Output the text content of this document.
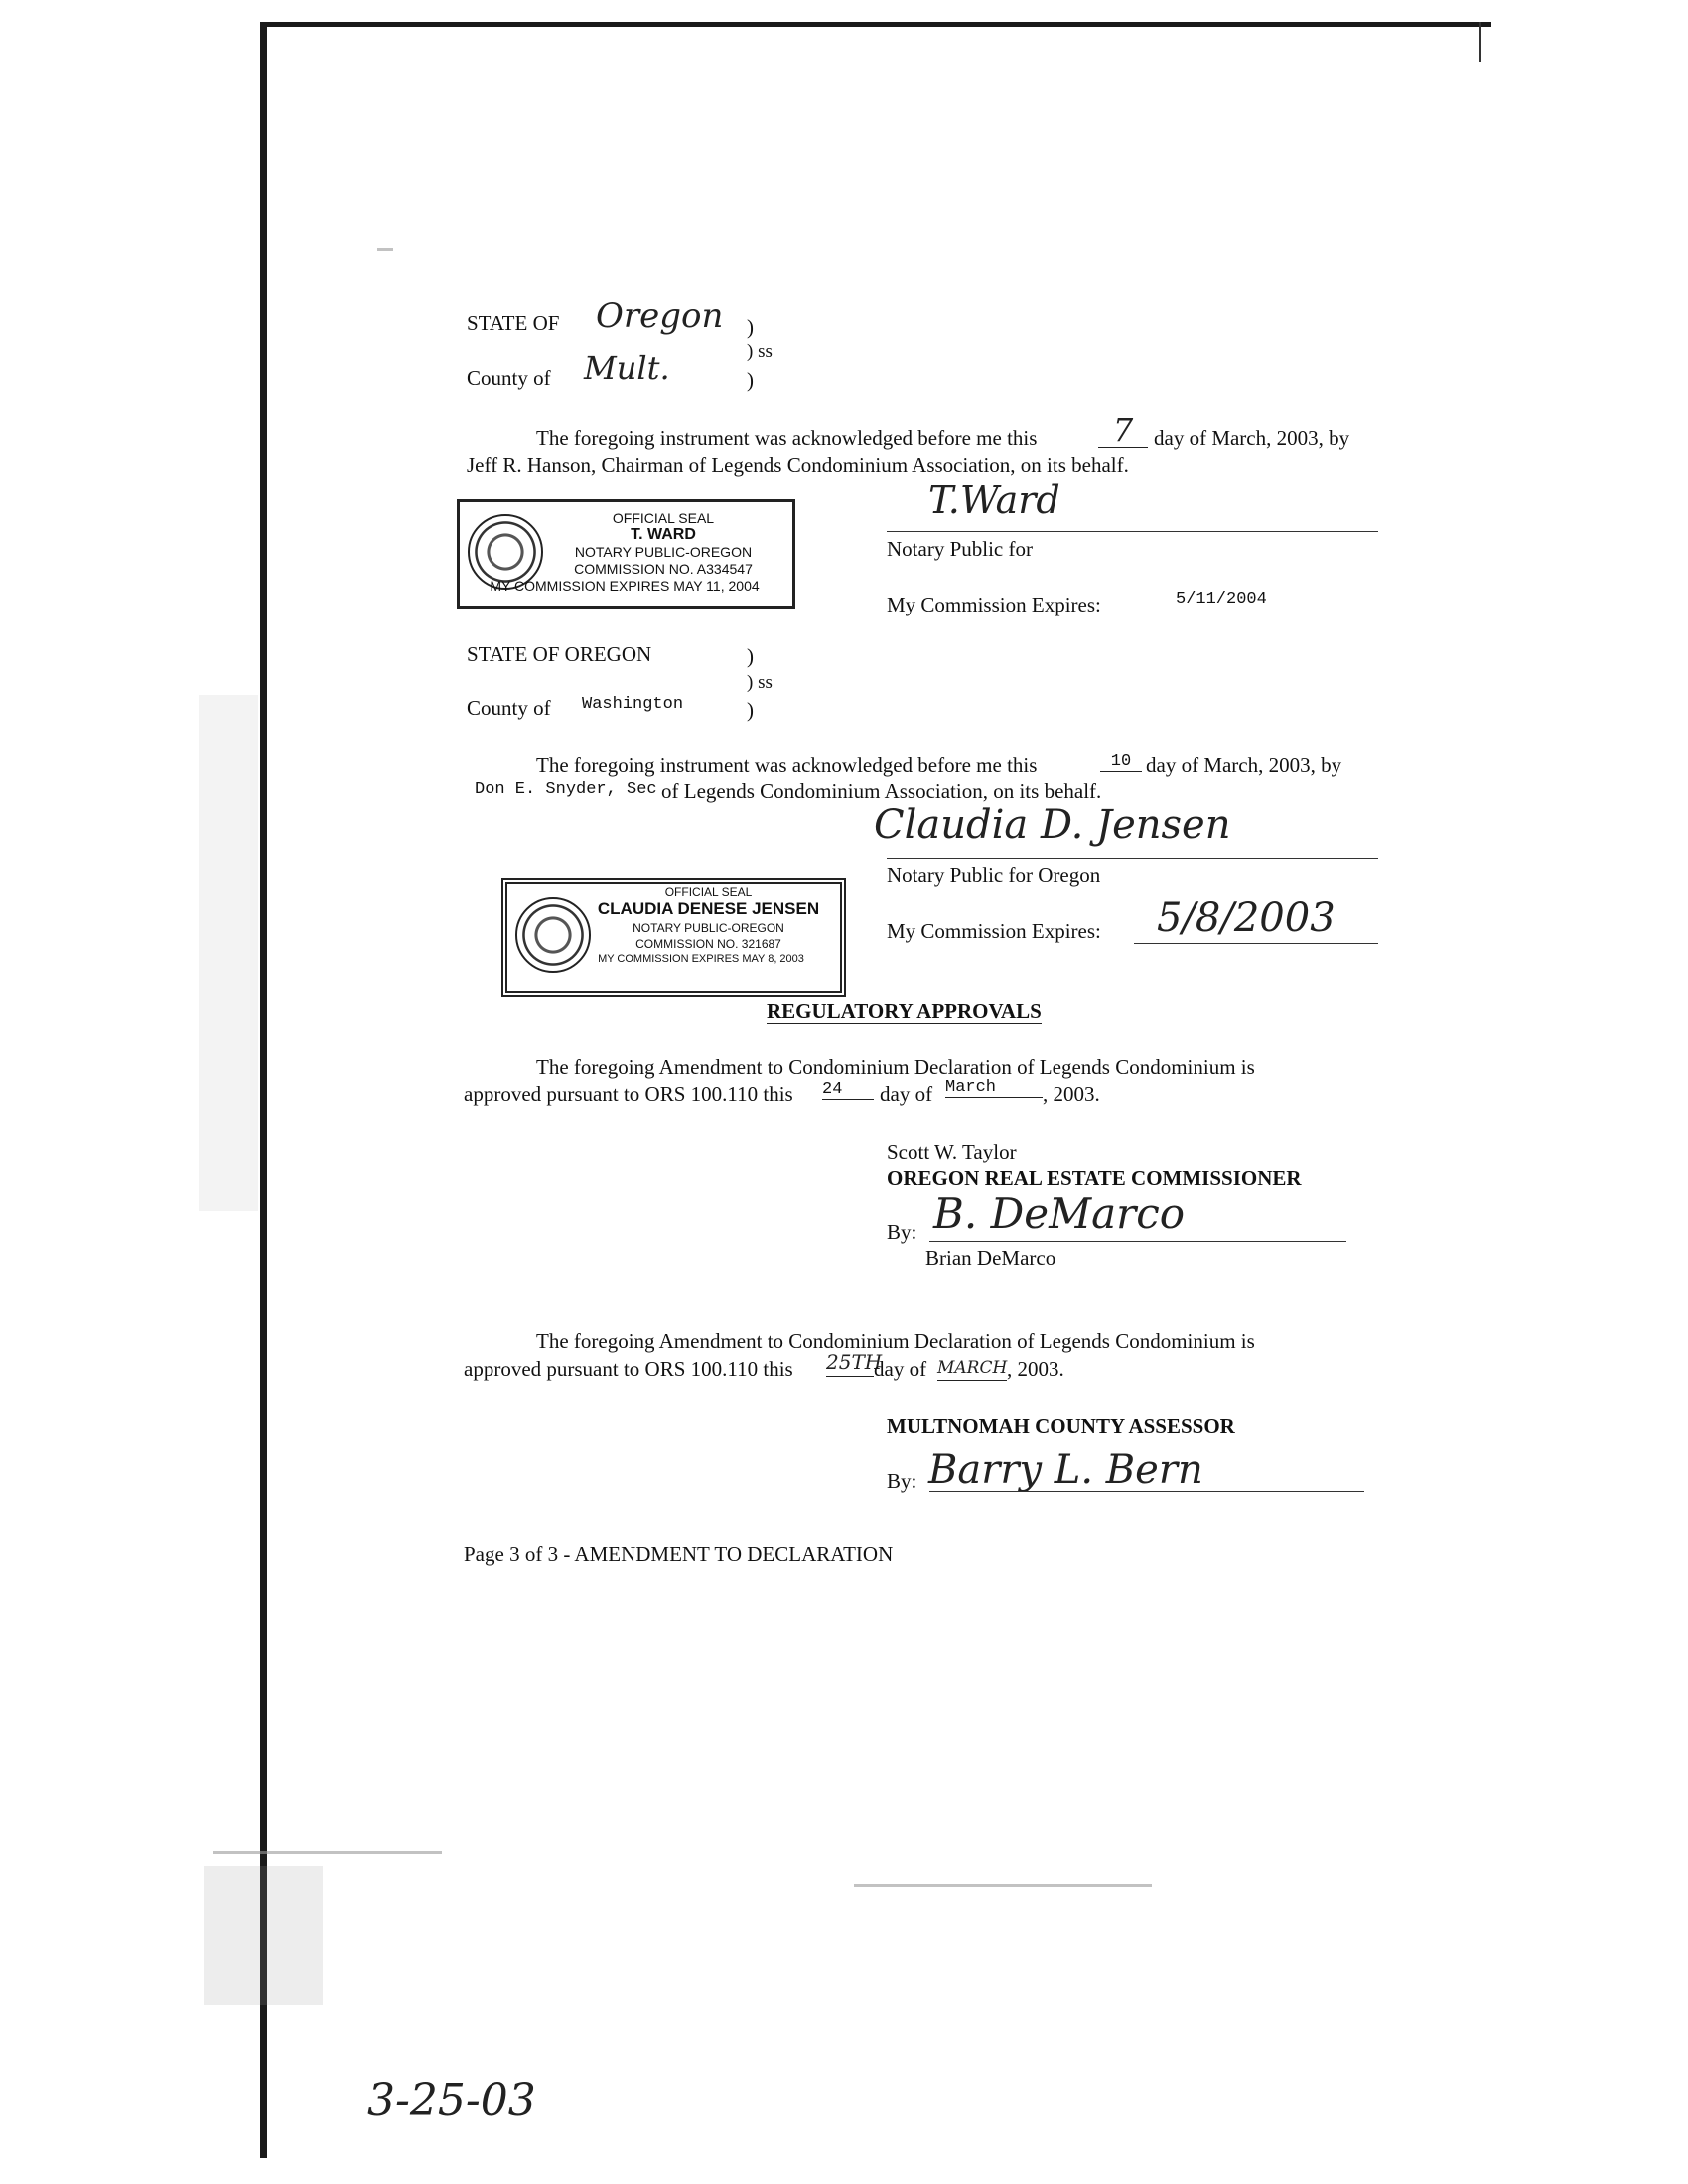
STATE OF Oregon )
) ss
)
County of Mult.
The foregoing instrument was acknowledged before me this	7 day of March, 2003, by
Jeff R. Hanson, Chairman of Legends Condominium Association, on its behalf.
OFFICIAL SEAL
T. WARD
NOTARY PUBLIC-OREGON
COMMISSION NO. A334547
MY COMMISSION EXPIRES MAY 11, 2004
T.Ward
Notary Public for
My Commission Expires:	5/11/2004
STATE OF OREGON	)
) ss
)
County of Washington
The foregoing instrument was acknowledged before me this	10 day of March, 2003, by
Don E. Snyder, Sec of Legends Condominium Association, on its behalf.
Claudia D. Jensen
Notary Public for Oregon
OFFICIAL SEAL
CLAUDIA DENESE JENSEN
NOTARY PUBLIC-OREGON
COMMISSION NO. 321687
MY COMMISSION EXPIRES MAY 8, 2003
My Commission Expires: 5/8/2003
REGULATORY APPROVALS
The foregoing Amendment to Condominium Declaration of Legends Condominium is
approved pursuant to ORS 100.110 this 24	day of March	, 2003.
Scott W. Taylor
OREGON REAL ESTATE COMMISSIONER
By: B. DeMarco
Brian DeMarco
The foregoing Amendment to Condominium Declaration of Legends Condominium is
approved pursuant to ORS 100.110 this 25TH
day of MARCH , 2003.
MULTNOMAH COUNTY ASSESSOR
By: Barry L. Bern
Page 3 of 3 - AMENDMENT TO DECLARATION
3-25-03
